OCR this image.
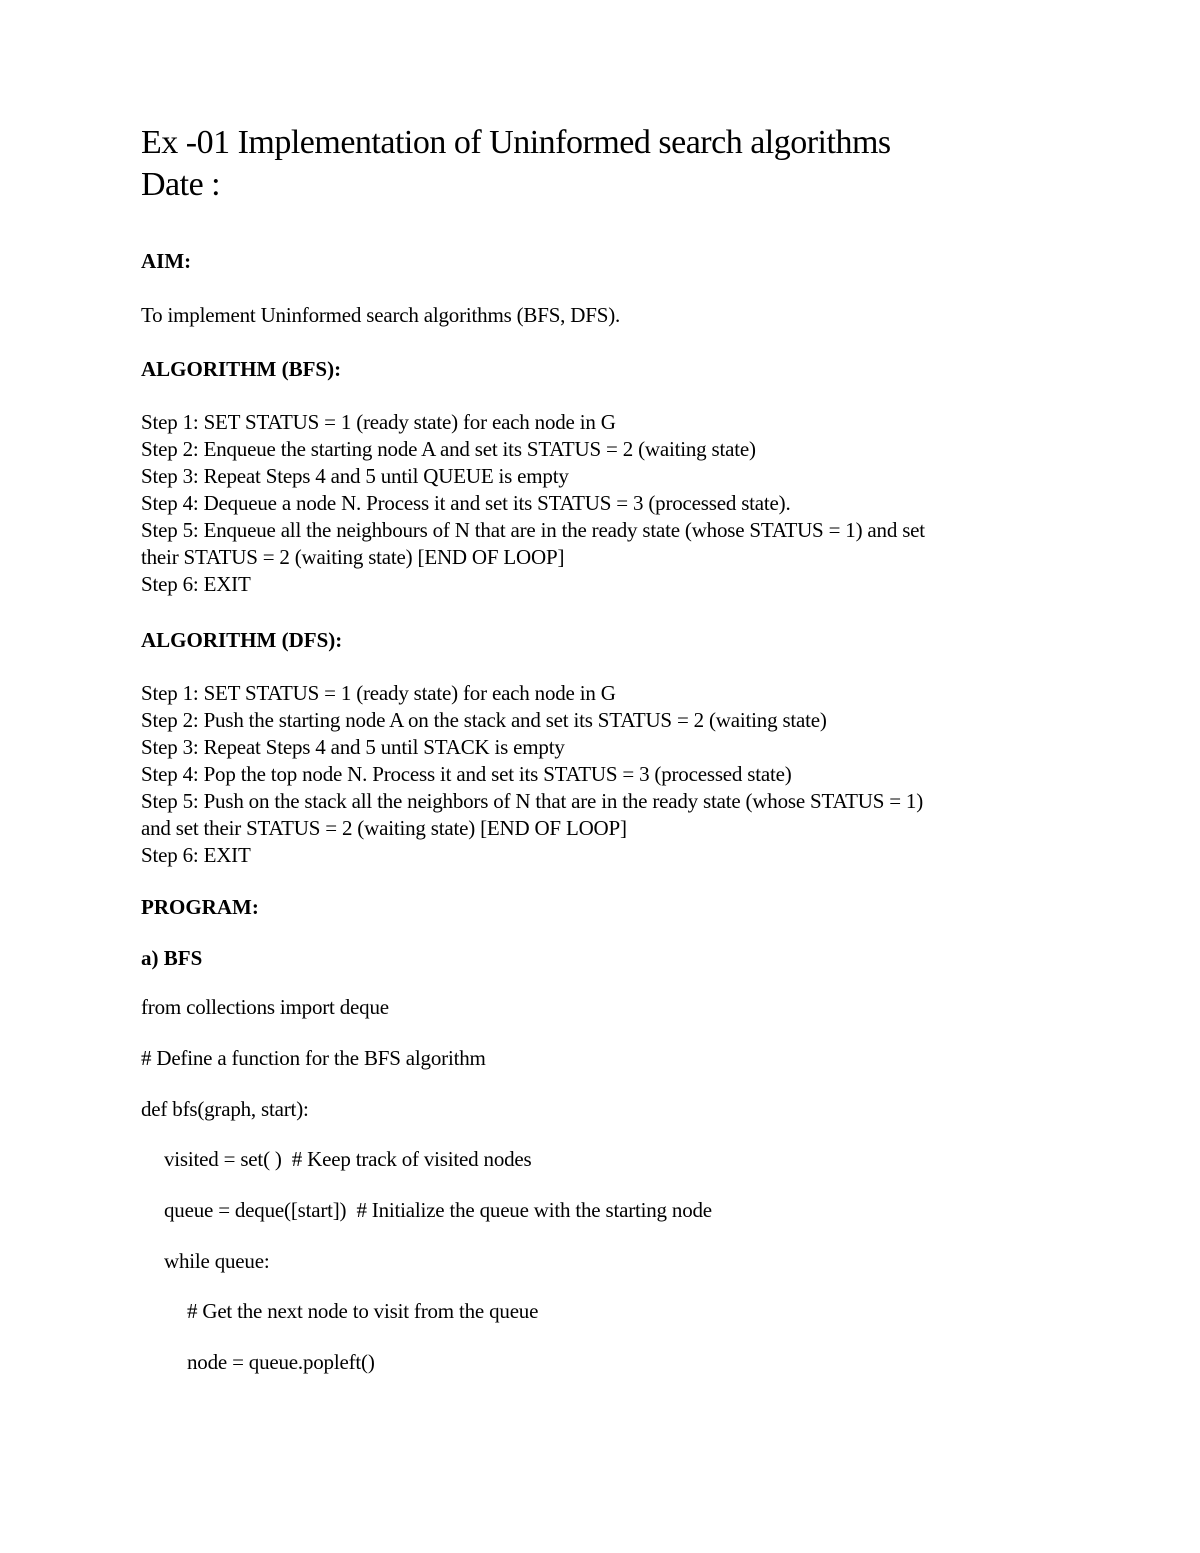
Ex -01 Implementation of Uninformed search algorithms
Date :
AIM:
To implement Uninformed search algorithms (BFS, DFS).
ALGORITHM (BFS):
Step 1: SET STATUS = 1 (ready state) for each node in G
Step 2: Enqueue the starting node A and set its STATUS = 2 (waiting state)
Step 3: Repeat Steps 4 and 5 until QUEUE is empty
Step 4: Dequeue a node N. Process it and set its STATUS = 3 (processed state).
Step 5: Enqueue all the neighbours of N that are in the ready state (whose STATUS = 1) and set
their STATUS = 2 (waiting state) [END OF LOOP]
Step 6: EXIT
ALGORITHM (DFS):
Step 1: SET STATUS = 1 (ready state) for each node in G
Step 2: Push the starting node A on the stack and set its STATUS = 2 (waiting state)
Step 3: Repeat Steps 4 and 5 until STACK is empty
Step 4: Pop the top node N. Process it and set its STATUS = 3 (processed state)
Step 5: Push on the stack all the neighbors of N that are in the ready state (whose STATUS = 1)
and set their STATUS = 2 (waiting state) [END OF LOOP]
Step 6: EXIT
PROGRAM:
a) BFS
from collections import deque
# Define a function for the BFS algorithm
def bfs(graph, start):
visited = set( )  # Keep track of visited nodes
queue = deque([start])  # Initialize the queue with the starting node
while queue:
# Get the next node to visit from the queue
node = queue.popleft()
